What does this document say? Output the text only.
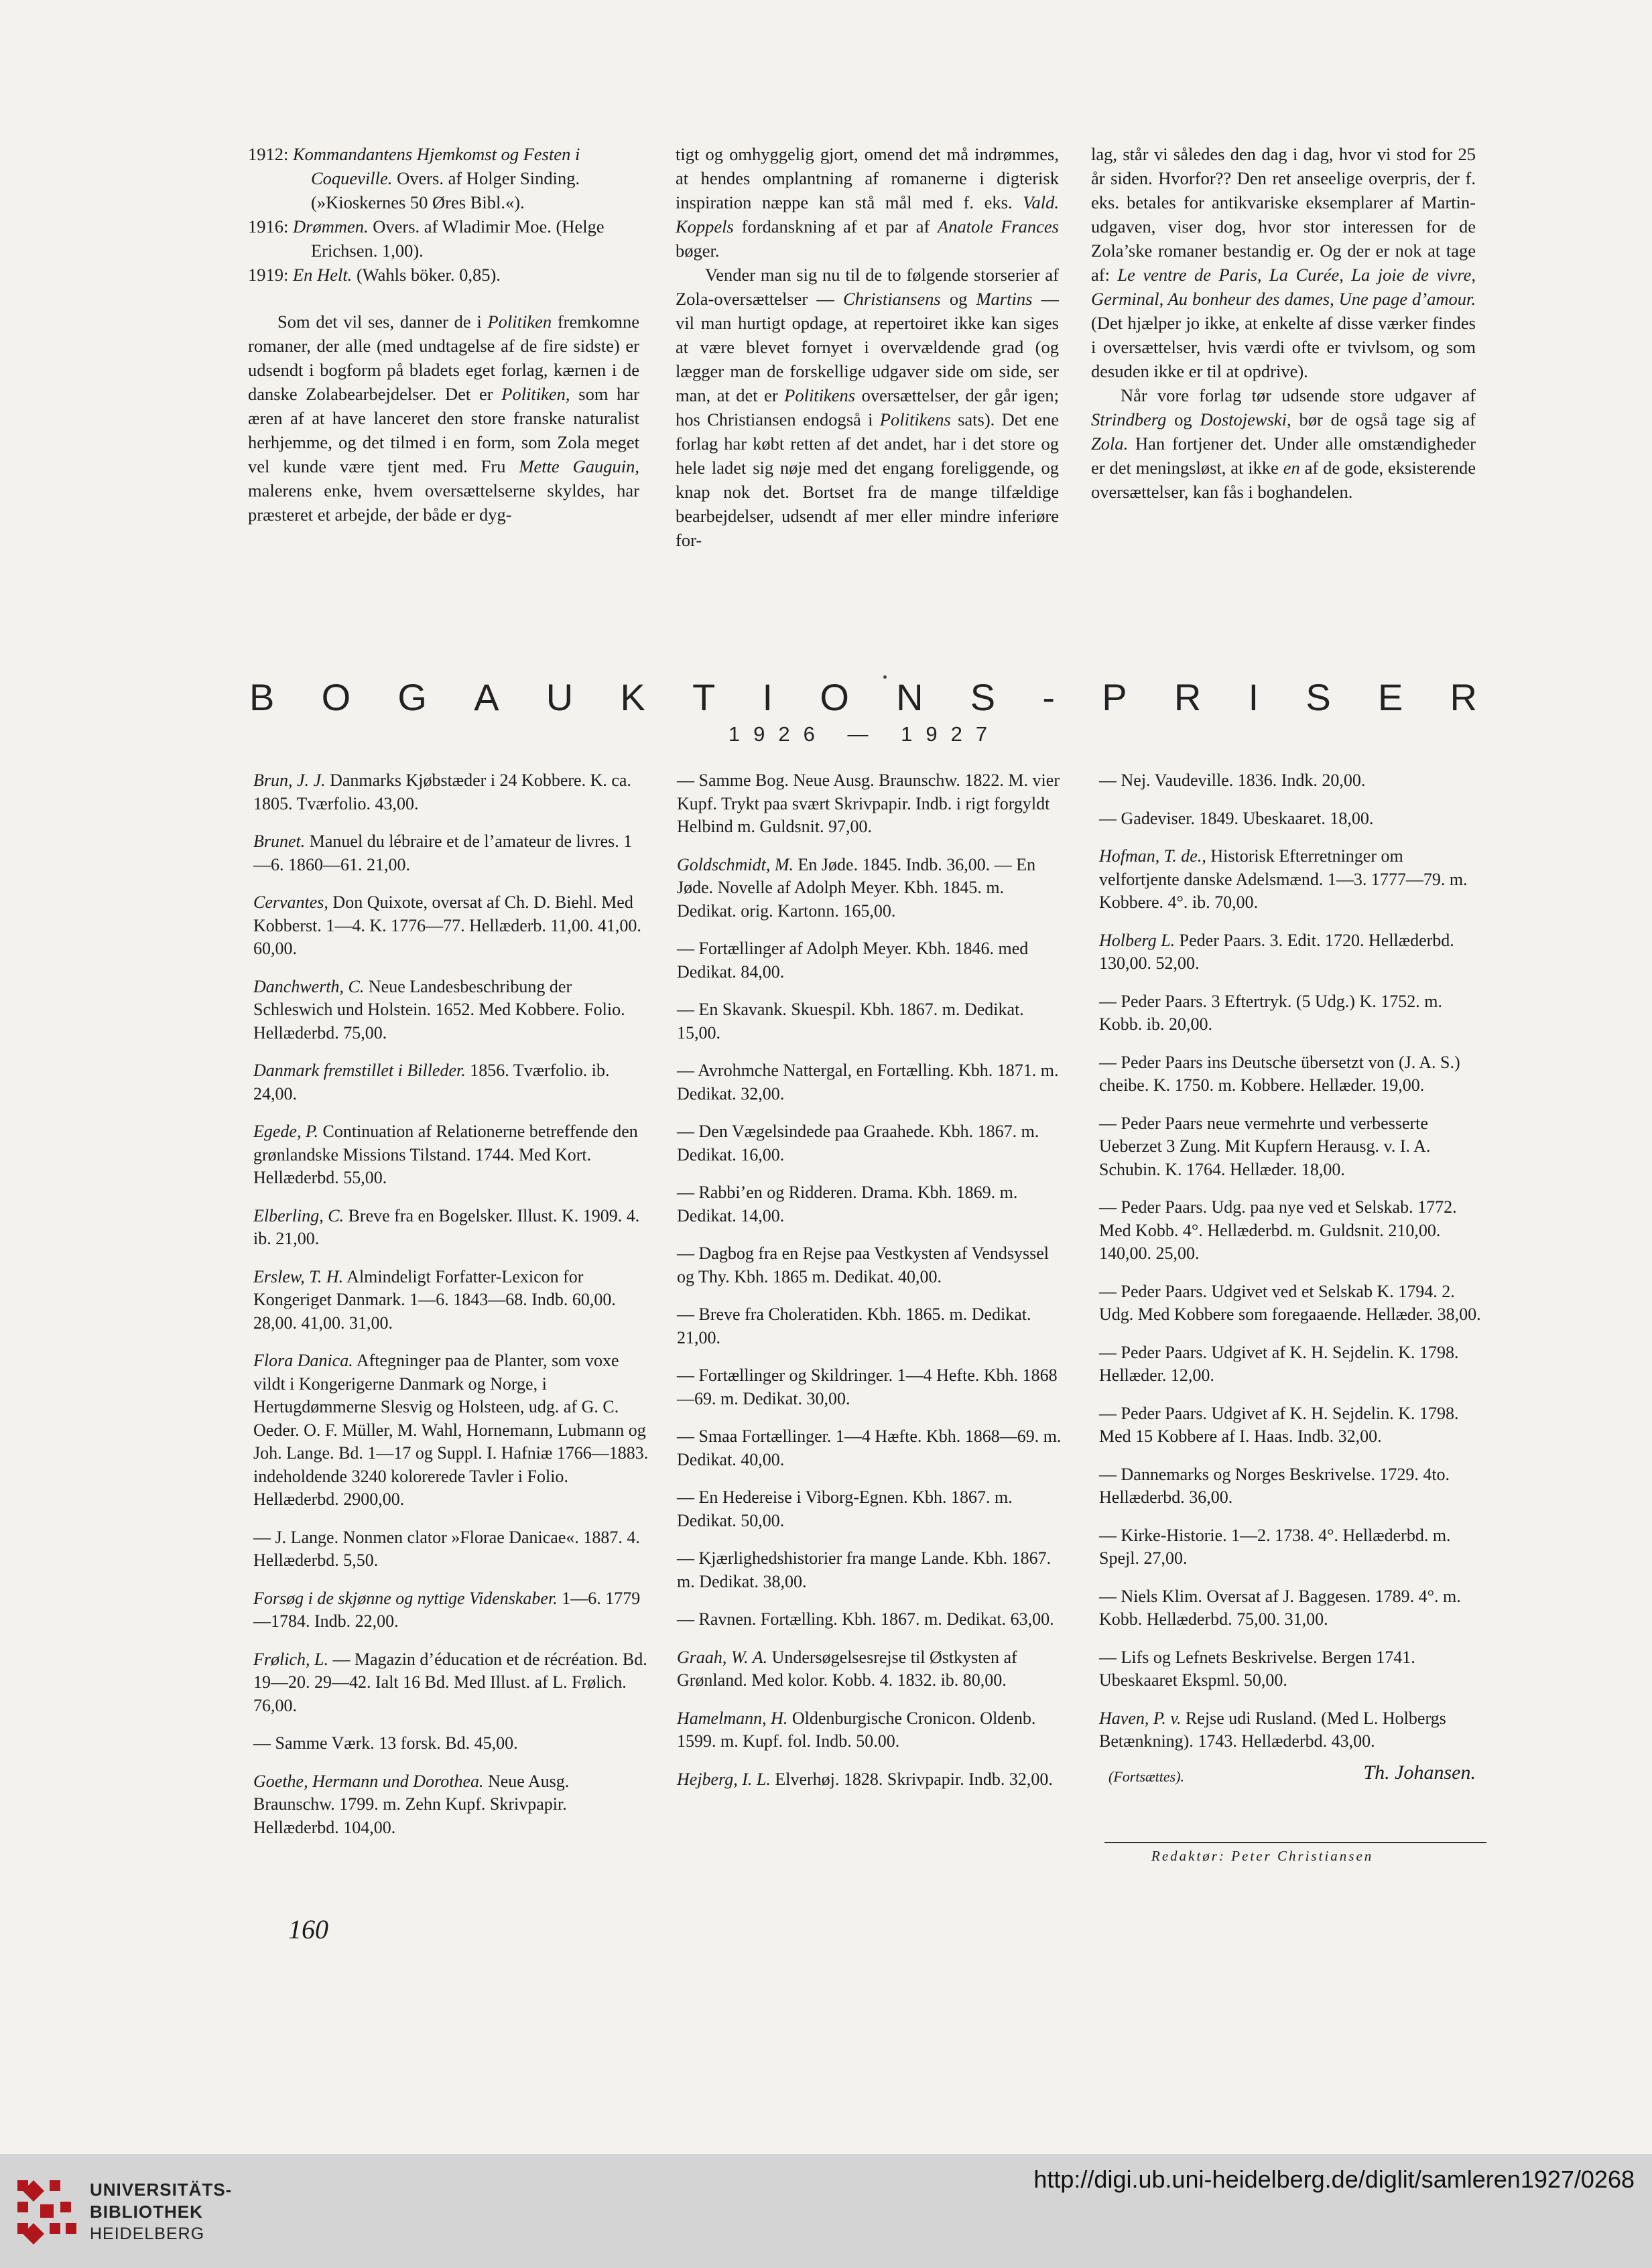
1912: Kommandantens Hjemkomst og Festen i Coqueville. Overs. af Holger Sinding. (»Kioskernes 50 Øres Bibl.«).
1916: Drømmen. Overs. af Wladimir Moe. (Helge Erichsen. 1,00).
1919: En Helt. (Wahls böker. 0,85).

Som det vil ses, danner de i Politiken fremkomne romaner, der alle (med undtagelse af de fire sidste) er udsendt i bogform på bladets eget forlag, kærnen i de danske Zolabearbejdelser. Det er Politiken, som har æren af at have lanceret den store franske naturalist herhjemme, og det tilmed i en form, som Zola meget vel kunde være tjent med. Fru Mette Gauguin, malerens enke, hvem oversættelserne skyldes, har præsteret et arbejde, der både er dyg-

tigt og omhyggelig gjort, omend det må indrømmes, at hendes omplantning af romanerne i digterisk inspiration næppe kan stå mål med f. eks. Vald. Koppels fordanskning af et par af Anatole Frances bøger.

Vender man sig nu til de to følgende storserier af Zola-oversættelser — Christiansens og Martins — vil man hurtigt opdage, at repertoiret ikke kan siges at være blevet fornyet i overvældende grad (og lægger man de forskellige udgaver side om side, ser man, at det er Politikens oversættelser, der går igen; hos Christiansen endogså i Politikens sats). Det ene forlag har købt retten af det andet, har i det store og hele ladet sig nøje med det engang foreliggende, og knap nok det. Bortset fra de mange tilfældige bearbejdelser, udsendt af mer eller mindre inferiøre for-

lag, står vi således den dag i dag, hvor vi stod for 25 år siden. Hvorfor?? Den ret anseelige overpris, der f. eks. betales for antikvariske eksemplarer af Martin-udgaven, viser dog, hvor stor interessen for de Zola’ske romaner bestandig er. Og der er nok at tage af: Le ventre de Paris, La Curée, La joie de vivre, Germinal, Au bonheur des dames, Une page d’amour. (Det hjælper jo ikke, at enkelte af disse værker findes i oversættelser, hvis værdi ofte er tvivlsom, og som desuden ikke er til at opdrive).

Når vore forlag tør udsende store udgaver af Strindberg og Dostojewski, bør de også tage sig af Zola. Han fortjener det. Under alle omstændigheder er det meningsløst, at ikke en af de gode, eksisterende oversættelser, kan fås i boghandelen.

B O G A U K T I O N S - P R I S E R
1926 — 1927
Brun, J. J. Danmarks Kjøbstæder i 24 Kobbere. K. ca. 1805. Tværfolio. 43,00.
Brunet. Manuel du lébraire et de l’amateur de livres. 1—6. 1860—61. 21,00.
Cervantes, Don Quixote, oversat af Ch. D. Biehl. Med Kobberst. 1—4. K. 1776—77. Hellæderb. 11,00. 41,00. 60,00.
Danchwerth, C. Neue Landesbeschribung der Schleswich und Holstein. 1652. Med Kobbere. Folio. Hellæderbd. 75,00.
Danmark fremstillet i Billeder. 1856. Tværfolio. ib. 24,00.
Egede, P. Continuation af Relationerne betreffende den grønlandske Missions Tilstand. 1744. Med Kort. Hellæderbd. 55,00.
Elberling, C. Breve fra en Bogelsker. Illust. K. 1909. 4. ib. 21,00.
Erslew, T. H. Almindeligt Forfatter-Lexicon for Kongeriget Danmark. 1—6. 1843—68. Indb. 60,00. 28,00. 41,00. 31,00.
Flora Danica. Aftegninger paa de Planter, som voxe vildt i Kongerigerne Danmark og Norge, i Hertugdømmerne Slesvig og Holsteen, udg. af G. C. Oeder. O. F. Müller, M. Wahl, Hornemann, Lubmann og Joh. Lange. Bd. 1—17 og Suppl. I. Hafniæ 1766—1883. indeholdende 3240 kolorerede Tavler i Folio. Hellæderbd. 2900,00.
— J. Lange. Nonmen clator »Florae Danicae«. 1887. 4. Hellæderbd. 5,50.
Forsøg i de skjønne og nyttige Videnskaber. 1—6. 1779—1784. Indb. 22,00.
Frølich, L. — Magazin d’éducation et de récréation. Bd. 19—20. 29—42. Ialt 16 Bd. Med Illust. af L. Frølich. 76,00.
— Samme Værk. 13 forsk. Bd. 45,00.
Goethe, Hermann und Dorothea. Neue Ausg. Braunschw. 1799. m. Zehn Kupf. Skrivpapir. Hellæderbd. 104,00.
— Samme Bog. Neue Ausg. Braunschw. 1822. M. vier Kupf. Trykt paa svært Skrivpapir. Indb. i rigt forgyldt Helbind m. Guldsnit. 97,00.
Goldschmidt, M. En Jøde. 1845. Indb. 36,00. — En Jøde. Novelle af Adolph Meyer. Kbh. 1845. m. Dedikat. orig. Kartonn. 165,00.
— Fortællinger af Adolph Meyer. Kbh. 1846. med Dedikat. 84,00.
— En Skavank. Skuespil. Kbh. 1867. m. Dedikat. 15,00.
— Avrohmche Nattergal, en Fortælling. Kbh. 1871. m. Dedikat. 32,00.
— Den Vægelsindede paa Graahede. Kbh. 1867. m. Dedikat. 16,00.
— Rabbi’en og Ridderen. Drama. Kbh. 1869. m. Dedikat. 14,00.
— Dagbog fra en Rejse paa Vestkysten af Vendsyssel og Thy. Kbh. 1865 m. Dedikat. 40,00.
— Breve fra Choleratiden. Kbh. 1865. m. Dedikat. 21,00.
— Fortællinger og Skildringer. 1—4 Hefte. Kbh. 1868—69. m. Dedikat. 30,00.
— Smaa Fortællinger. 1—4 Hæfte. Kbh. 1868—69. m. Dedikat. 40,00.
— En Hedereise i Viborg-Egnen. Kbh. 1867. m. Dedikat. 50,00.
— Kjærlighedshistorier fra mange Lande. Kbh. 1867. m. Dedikat. 38,00.
— Ravnen. Fortælling. Kbh. 1867. m. Dedikat. 63,00.
Graah, W. A. Undersøgelsesrejse til Østkysten af Grønland. Med kolor. Kobb. 4. 1832. ib. 80,00.
Hamelmann, H. Oldenburgische Cronicon. Oldenb. 1599. m. Kupf. fol. Indb. 50.00.
Hejberg, I. L. Elverhøj. 1828. Skrivpapir. Indb. 32,00.
— Nej. Vaudeville. 1836. Indk. 20,00.
— Gadeviser. 1849. Ubeskaaret. 18,00.
Hofman, T. de., Historisk Efterretninger om velfortjente danske Adelsmænd. 1—3. 1777—79. m. Kobbere. 4°. ib. 70,00.
Holberg L. Peder Paars. 3. Edit. 1720. Hellæderbd. 130,00. 52,00.
— Peder Paars. 3 Eftertryk. (5 Udg.) K. 1752. m. Kobb. ib. 20,00.
— Peder Paars ins Deutsche übersetzt von (J. A. S.) cheibe. K. 1750. m. Kobbere. Hellæder. 19,00.
— Peder Paars neue vermehrte und verbesserte Ueberzet 3 Zung. Mit Kupfern Herausg. v. I. A. Schubin. K. 1764. Hellæder. 18,00.
— Peder Paars. Udg. paa nye ved et Selskab. 1772. Med Kobb. 4°. Hellæderbd. m. Guldsnit. 210,00. 140,00. 25,00.
— Peder Paars. Udgivet ved et Selskab K. 1794. 2. Udg. Med Kobbere som foregaaende. Hellæder. 38,00.
— Peder Paars. Udgivet af K. H. Sejdelin. K. 1798. Hellæder. 12,00.
— Peder Paars. Udgivet af K. H. Sejdelin. K. 1798. Med 15 Kobbere af I. Haas. Indb. 32,00.
— Dannemarks og Norges Beskrivelse. 1729. 4to. Hellæderbd. 36,00.
— Kirke-Historie. 1—2. 1738. 4°. Hellæderbd. m. Spejl. 27,00.
— Niels Klim. Oversat af J. Baggesen. 1789. 4°. m. Kobb. Hellæderbd. 75,00. 31,00.
— Lifs og Lefnets Beskrivelse. Bergen 1741. Ubeskaaret Ekspml. 50,00.
Haven, P. v. Rejse udi Rusland. (Med L. Holbergs Betænkning). 1743. Hellæderbd. 43,00.
(Fortsættes).	Th. Johansen.
Redaktør: Peter Christiansen
160
UNIVERSITÄTS-
BIBLIOTHEK
HEIDELBERG
http://digi.ub.uni-heidelberg.de/diglit/samleren1927/0268
